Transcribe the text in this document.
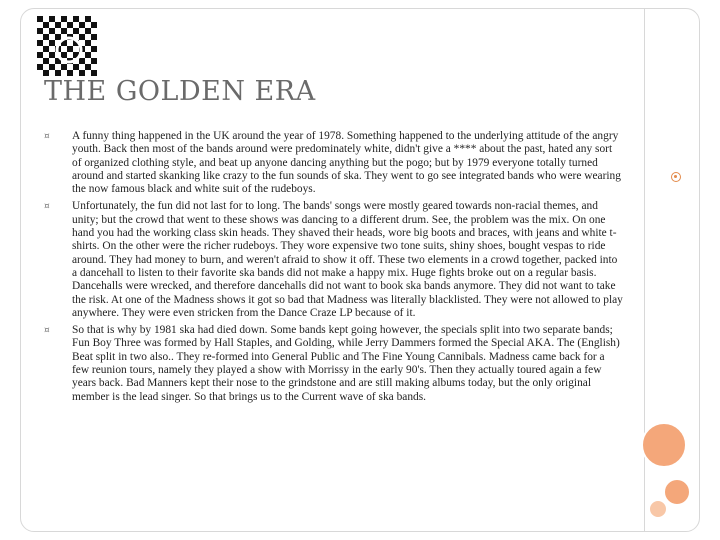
THE GOLDEN ERA
¤	A funny thing happened in the UK around the year of 1978. Something happened to the underlying attitude of the angry youth. Back then most of the bands around were predominately white, didn't give a **** about the past, hated any sort of organized clothing style, and beat up anyone dancing anything but the pogo; but by 1979 everyone totally turned around and started skanking like crazy to the fun sounds of ska. They went to go see integrated bands who were wearing the now famous black and white suit of the rudeboys.
¤	Unfortunately, the fun did not last for to long. The bands' songs were mostly geared towards non-racial themes, and unity; but the crowd that went to these shows was dancing to a different drum. See, the problem was the mix. On one hand you had the working class skin heads. They shaved their heads, wore big boots and braces, with jeans and white t-shirts. On the other were the richer rudeboys. They wore expensive two tone suits, shiny shoes, bought vespas to ride around. They had money to burn, and weren't afraid to show it off. These two elements in a crowd together, packed into a dancehall to listen to their favorite ska bands did not make a happy mix. Huge fights broke out on a regular basis. Dancehalls were wrecked, and therefore dancehalls did not want to book ska bands anymore. They did not want to take the risk. At one of the Madness shows it got so bad that Madness was literally blacklisted. They were not allowed to play anywhere. They were even stricken from the Dance Craze LP because of it.
¤	So that is why by 1981 ska had died down. Some bands kept going however, the specials split into two separate bands; Fun Boy Three was formed by Hall Staples, and Golding, while Jerry Dammers formed the Special AKA. The (English) Beat split in two also.. They re-formed into General Public and The Fine Young Cannibals. Madness came back for a few reunion tours, namely they played a show with Morrissy in the early 90's. Then they actually toured again a few years back. Bad Manners kept their nose to the grindstone and are still making albums today, but the only original member is the lead singer. So that brings us to the Current wave of ska bands.
